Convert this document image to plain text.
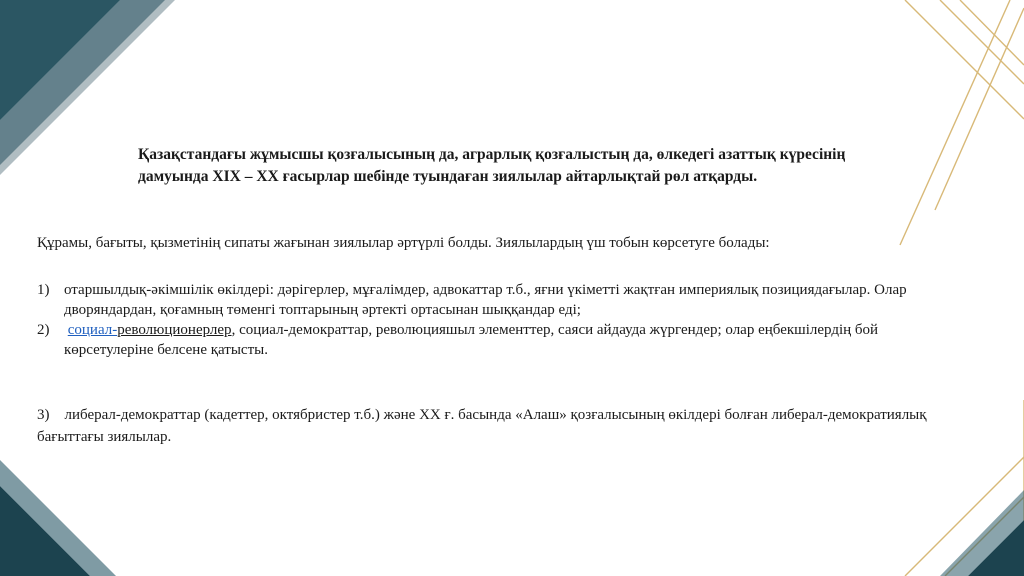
Қазақстандағы жұмысшы қозғалысының да, аграрлық қозғалыстың да, өлкедегі азаттық күресінің дамуында XIX – XX ғасырлар шебінде туындаған зиялылар айтарлықтай рөл атқарды.

Құрамы, бағыты, қызметінің сипаты жағынан зиялылар әртүрлі болды. Зиялылардың үш тобын көрсетуге болады:

1) отаршылдық-әкімшілік өкілдері: дәрігерлер, мұғалімдер, адвокаттар т.б., яғни үкіметті жақтған империялық позициядағылар. Олар дворяндардан, қоғамның төменгі топтарының әртекті ортасынан шыққандар еді;
2) социал-революционерлер, социал-демократтар, революцияшыл элементтер, саяси айдауда жүргендер; олар еңбекшілердің бой көрсетулеріне белсене қатысты.

3) либерал-демократтар (кадеттер, октябристер т.б.) және XX ғ. басында «Алаш» қозғалысының өкілдері болған либерал-демократиялық бағыттағы зиялылар.
